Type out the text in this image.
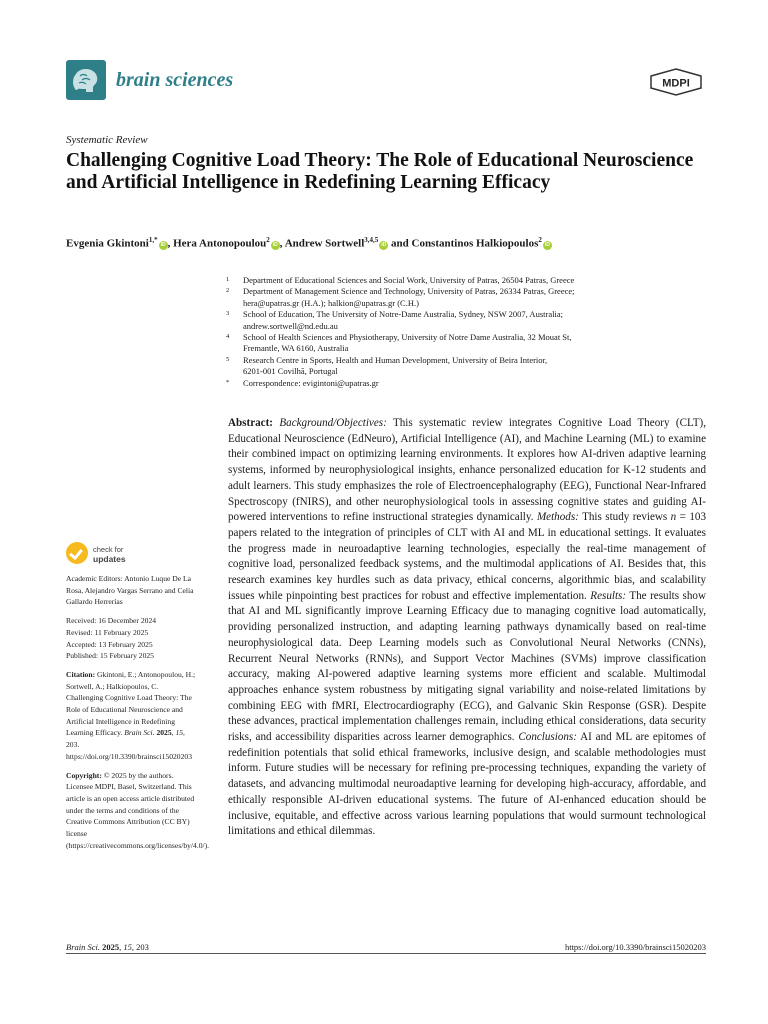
brain sciences	MDPI
Systematic Review
Challenging Cognitive Load Theory: The Role of Educational Neuroscience and Artificial Intelligence in Redefining Learning Efficacy
Evgenia Gkintoni$^{1,*}$iD , Hera Antonopoulou$^2$iD , Andrew Sortwell$^{3,4,5}$iD and Constantinos Halkiopoulos$^2$iD
1 Department of Educational Sciences and Social Work, University of Patras, 26504 Patras, Greece
2 Department of Management Science and Technology, University of Patras, 26334 Patras, Greece;
hera@upatras.gr (H.A.); halkion@upatras.gr (C.H.)
3 School of Education, The University of Notre-Dame Australia, Sydney, NSW 2007, Australia;
andrew.sortwell@nd.edu.au
4 School of Health Sciences and Physiotherapy, University of Notre Dame Australia, 32 Mouat St,
Fremantle, WA 6160, Australia
5 Research Centre in Sports, Health and Human Development, University of Beira Interior,
6201-001 Covilhã, Portugal
* Correspondence: evigintoni@upatras.gr
Abstract: Background/Objectives: This systematic review integrates Cognitive Load Theory (CLT), Educational Neuroscience (EdNeuro), Artificial Intelligence (AI), and Machine Learning (ML) to examine their combined impact on optimizing learning environments. It explores how AI-driven adaptive learning systems, informed by neurophysiological insights, enhance personalized education for K-12 students and adult learners. This study emphasizes the role of Electroencephalography (EEG), Functional Near-Infrared Spectroscopy (fNIRS), and other neurophysiological tools in assessing cognitive states and guiding AI-powered interventions to refine instructional strategies dynamically. Methods: This study reviews n = 103 papers related to the integration of principles of CLT with AI and ML in educational settings. It evaluates the progress made in neuroadaptive learning technologies, especially the real-time management of cognitive load, personalized feedback systems, and the multimodal applications of AI. Besides that, this research examines key hurdles such as data privacy, ethical concerns, algorithmic bias, and scalability issues while pinpointing best practices for robust and effective implementation. Results: The results show that AI and ML significantly improve Learning Efficacy due to managing cognitive load automatically, providing personalized instruction, and adapting learning pathways dynamically based on real-time neurophysiological data. Deep Learning models such as Convolutional Neural Networks (CNNs), Recurrent Neural Networks (RNNs), and Support Vector Machines (SVMs) improve classification accuracy, making AI-powered adaptive learning systems more efficient and scalable. Multimodal approaches enhance system robustness by mitigating signal variability and noise-related limitations by combining EEG with fMRI, Electrocardiography (ECG), and Galvanic Skin Response (GSR). Despite these advances, practical implementation challenges remain, including ethical considerations, data security risks, and accessibility disparities across learner demographics. Conclusions: AI and ML are epitomes of redefinition potentials that solid ethical frameworks, inclusive design, and scalable methodologies must inform. Future studies will be necessary for refining pre-processing techniques, expanding the variety of datasets, and advancing multimodal neuroadaptive learning for developing high-accuracy, affordable, and ethically responsible AI-driven educational systems. The future of AI-enhanced education should be inclusive, equitable, and effective across various learning populations that would surmount technological limitations and ethical dilemmas.
check for
updates
Academic Editors: Antonio Luque De La Rosa, Alejandro Vargas Serrano and Celia Gallardo Herrerías
Received: 16 December 2024
Revised: 11 February 2025
Accepted: 13 February 2025
Published: 15 February 2025
Citation: Gkintoni, E.; Antonopoulou, H.; Sortwell, A.; Halkiopoulos, C. Challenging Cognitive Load Theory: The Role of Educational Neuroscience and Artificial Intelligence in Redefining Learning Efficacy. Brain Sci. 2025, 15, 203. https://doi.org/10.3390/brainsci15020203
Copyright: © 2025 by the authors. Licensee MDPI, Basel, Switzerland. This article is an open access article distributed under the terms and conditions of the Creative Commons Attribution (CC BY) license (https://creativecommons.org/licenses/by/4.0/).
Brain Sci. 2025, 15, 203	https://doi.org/10.3390/brainsci15020203
